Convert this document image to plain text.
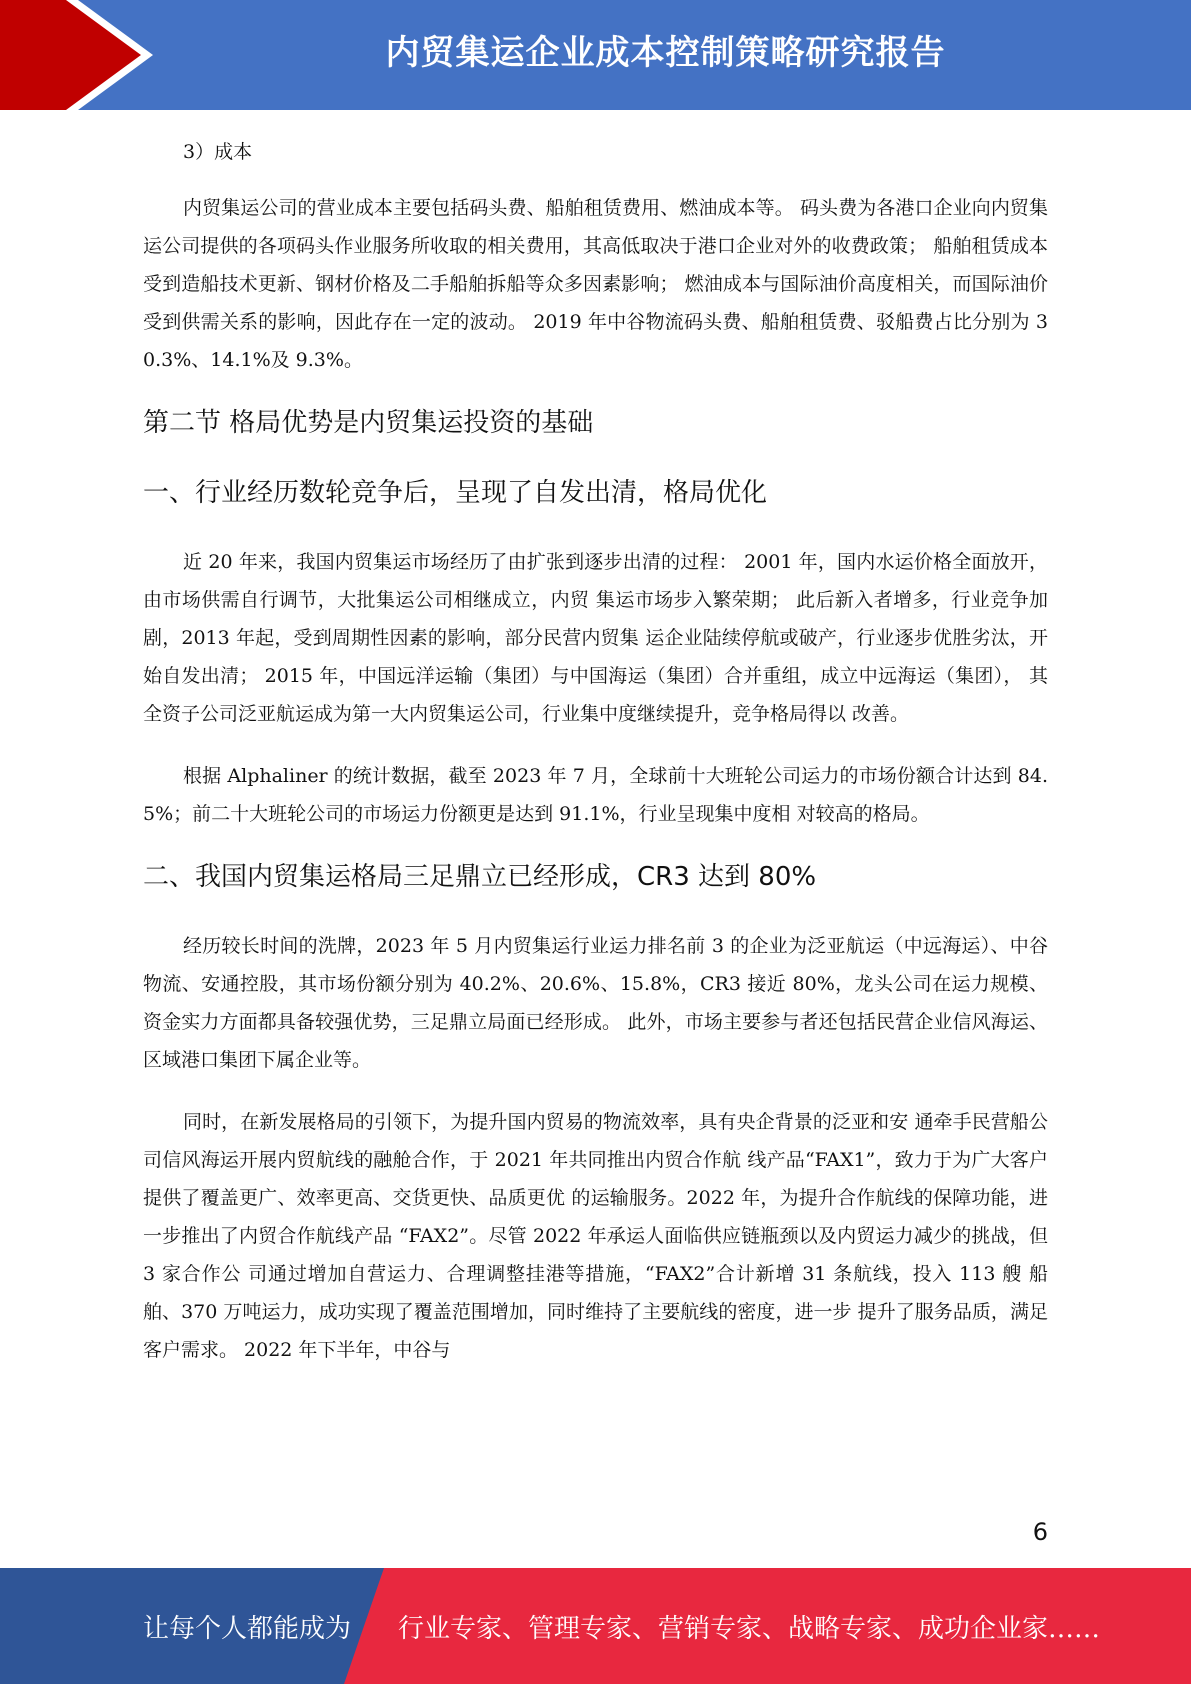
内贸集运企业成本控制策略研究报告

3）成本

内贸集运公司的营业成本主要包括码头费、船舶租赁费用、燃油成本等。 码头费为各港口企业向内贸集运公司提供的各项码头作业服务所收取的相关费用，其高低取决于港口企业对外的收费政策； 船舶租赁成本受到造船技术更新、钢材价格及二手船舶拆船等众多因素影响； 燃油成本与国际油价高度相关，而国际油价受到供需关系的影响，因此存在一定的波动。 2019 年中谷物流码头费、船舶租赁费、驳船费占比分别为 30.3%、14.1%及 9.3%。

第二节 格局优势是内贸集运投资的基础
一、行业经历数轮竞争后，呈现了自发出清，格局优化

近 20 年来，我国内贸集运市场经历了由扩张到逐步出清的过程： 2001 年，国内水运价格全面放开，由市场供需自行调节，大批集运公司相继成立，内贸 集运市场步入繁荣期； 此后新入者增多，行业竞争加剧，2013 年起，受到周期性因素的影响，部分民营内贸集 运企业陆续停航或破产，行业逐步优胜劣汰，开始自发出清； 2015 年，中国远洋运输（集团）与中国海运（集团）合并重组，成立中远海运（集团）， 其全资子公司泛亚航运成为第一大内贸集运公司，行业集中度继续提升，竞争格局得以 改善。

根据 Alphaliner 的统计数据，截至 2023 年 7 月，全球前十大班轮公司运力的市场份额合计达到 84.5%；前二十大班轮公司的市场运力份额更是达到 91.1%，行业呈现集中度相 对较高的格局。

二、我国内贸集运格局三足鼎立已经形成，CR3 达到 80%

经历较长时间的洗牌，2023 年 5 月内贸集运行业运力排名前 3 的企业为泛亚航运（中远海运）、中谷物流、安通控股，其市场份额分别为 40.2%、20.6%、15.8%，CR3 接近 80%，龙头公司在运力规模、资金实力方面都具备较强优势，三足鼎立局面已经形成。 此外，市场主要参与者还包括民营企业信风海运、区域港口集团下属企业等。

同时，在新发展格局的引领下，为提升国内贸易的物流效率，具有央企背景的泛亚和安 通牵手民营船公司信风海运开展内贸航线的融舱合作，于 2021 年共同推出内贸合作航 线产品“FAX1”，致力于为广大客户提供了覆盖更广、效率更高、交货更快、品质更优 的运输服务。2022 年，为提升合作航线的保障功能，进一步推出了内贸合作航线产品 “FAX2”。尽管 2022 年承运人面临供应链瓶颈以及内贸运力减少的挑战，但 3 家合作公 司通过增加自营运力、合理调整挂港等措施，“FAX2”合计新增 31 条航线，投入 113 艘 船舶、370 万吨运力，成功实现了覆盖范围增加，同时维持了主要航线的密度，进一步 提升了服务品质，满足客户需求。 2022 年下半年，中谷与

6
让每个人都能成为 行业专家、管理专家、营销专家、战略专家、成功企业家……
